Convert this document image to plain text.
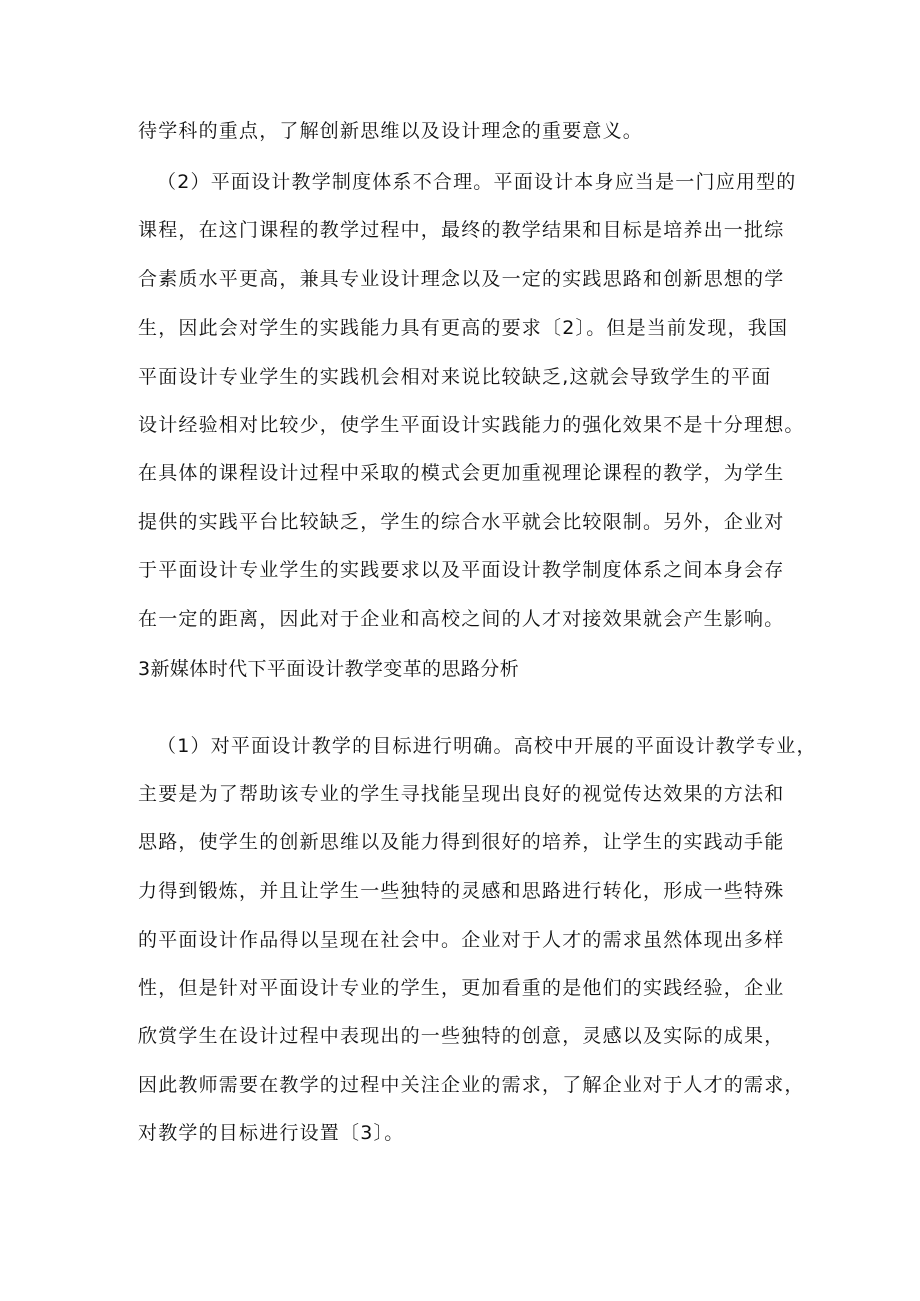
待学科的重点，了解创新思维以及设计理念的重要意义。
（2）平面设计教学制度体系不合理。平面设计本身应当是一门应用型的
课程，在这门课程的教学过程中，最终的教学结果和目标是培养出一批综
合素质水平更高，兼具专业设计理念以及一定的实践思路和创新思想的学
生，因此会对学生的实践能力具有更高的要求〔2〕。但是当前发现，我国
平面设计专业学生的实践机会相对来说比较缺乏,这就会导致学生的平面
设计经验相对比较少，使学生平面设计实践能力的强化效果不是十分理想。
在具体的课程设计过程中采取的模式会更加重视理论课程的教学，为学生
提供的实践平台比较缺乏，学生的综合水平就会比较限制。另外，企业对
于平面设计专业学生的实践要求以及平面设计教学制度体系之间本身会存
在一定的距离，因此对于企业和高校之间的人才对接效果就会产生影响。
3新媒体时代下平面设计教学变革的思路分析
（1）对平面设计教学的目标进行明确。高校中开展的平面设计教学专业，
主要是为了帮助该专业的学生寻找能呈现出良好的视觉传达效果的方法和
思路，使学生的创新思维以及能力得到很好的培养，让学生的实践动手能
力得到锻炼，并且让学生一些独特的灵感和思路进行转化，形成一些特殊
的平面设计作品得以呈现在社会中。企业对于人才的需求虽然体现出多样
性，但是针对平面设计专业的学生，更加看重的是他们的实践经验，企业
欣赏学生在设计过程中表现出的一些独特的创意，灵感以及实际的成果，
因此教师需要在教学的过程中关注企业的需求，了解企业对于人才的需求，
对教学的目标进行设置〔3〕。
